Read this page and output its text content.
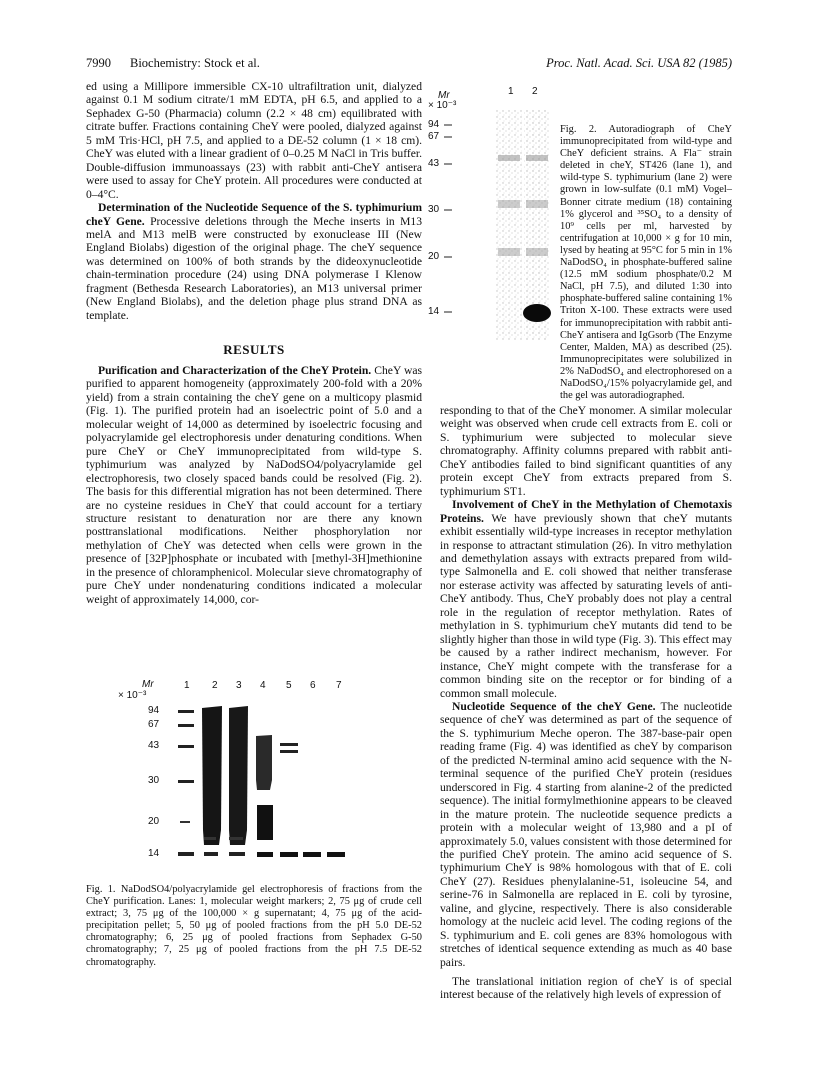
7990 Biochemistry: Stock et al.	Proc. Natl. Acad. Sci. USA 82 (1985)

ed using a Millipore immersible CX-10 ultrafiltration unit, dialyzed against 0.1 M sodium citrate/1 mM EDTA, pH 6.5, and applied to a Sephadex G-50 (Pharmacia) column (2.2 × 48 cm) equilibrated with citrate buffer. Fractions containing CheY were pooled, dialyzed against 5 mM Tris·HCl, pH 7.5, and applied to a DE-52 column (1 × 18 cm). CheY was eluted with a linear gradient of 0–0.25 M NaCl in Tris buffer. Double-diffusion immunoassays (23) with rabbit anti-CheY antisera were used to assay for CheY protein. All procedures were conducted at 0–4°C.

Determination of the Nucleotide Sequence of the S. typhimurium cheY Gene. Processive deletions through the Meche inserts in M13 melA and M13 melB were constructed by exonuclease III (New England Biolabs) digestion of the original phage. The cheY sequence was determined on 100% of both strands by the dideoxynucleotide chain-termination procedure (24) using DNA polymerase I Klenow fragment (Bethesda Research Laboratories), an M13 universal primer (New England Biolabs), and the deletion phage plus strand DNA as template.

RESULTS

Purification and Characterization of the CheY Protein. CheY was purified to apparent homogeneity (approximately 200-fold with a 20% yield) from a strain containing the cheY gene on a multicopy plasmid (Fig. 1). The purified protein had an isoelectric point of 5.0 and a molecular weight of 14,000 as determined by isoelectric focusing and polyacrylamide gel electrophoresis under denaturing conditions. When pure CheY or CheY immunoprecipitated from wild-type S. typhimurium was analyzed by NaDodSO4/polyacrylamide gel electrophoresis, two closely spaced bands could be resolved (Fig. 2). The basis for this differential migration has not been determined. There are no cysteine residues in CheY that could account for a tertiary structure resistant to denaturation nor are there any known posttranslational modifications. Neither phosphorylation nor methylation of CheY was detected when cells were grown in the presence of [32P]phosphate or incubated with [methyl-3H]methionine in the presence of chloramphenicol. Molecular sieve chromatography of pure CheY under nondenaturing conditions indicated a molecular weight of approximately 14,000, cor-

Mr
× 10⁻³
1 2 3 4 5 6 7
94
67
43
30
20
14
Fig. 1. NaDodSO4/polyacrylamide gel electrophoresis of fractions from the CheY purification. Lanes: 1, molecular weight markers; 2, 75 μg of crude cell extract; 3, 75 μg of the 100,000 × g supernatant; 4, 75 μg of the acid-precipitation pellet; 5, 50 μg of pooled fractions from the pH 5.0 DE-52 chromatography; 6, 25 μg of pooled fractions from Sephadex G-50 chromatography; 7, 25 μg of pooled fractions from the pH 7.5 DE-52 chromatography.
Mr
× 10⁻³
1 2
94
67
43
30
20
14
Fig. 2. Autoradiograph of CheY immunoprecipitated from wild-type and CheY deficient strains. A Fla⁻ strain deleted in cheY, ST426 (lane 1), and wild-type S. typhimurium (lane 2) were grown in low-sulfate (0.1 mM) Vogel–Bonner citrate medium (18) containing 1% glycerol and ³⁵SO₄ to a density of 10⁹ cells per ml, harvested by centrifugation at 10,000 × g for 10 min, lysed by heating at 95°C for 5 min in 1% NaDodSO₄ in phosphate-buffered saline (12.5 mM sodium phosphate/0.2 M NaCl, pH 7.5), and diluted 1:30 into phosphate-buffered saline containing 1% Triton X-100. These extracts were used for immunoprecipitation with rabbit anti-CheY antisera and IgGsorb (The Enzyme Center, Malden, MA) as described (25). Immunoprecipitates were solubilized in 2% NaDodSO₄ and electrophoresed on a NaDodSO₄/15% polyacrylamide gel, and the gel was autoradiographed.

responding to that of the CheY monomer. A similar molecular weight was observed when crude cell extracts from E. coli or S. typhimurium were subjected to molecular sieve chromatography. Affinity columns prepared with rabbit anti-CheY antibodies failed to bind significant quantities of any protein except CheY from extracts prepared from S. typhimurium ST1.

Involvement of CheY in the Methylation of Chemotaxis Proteins. We have previously shown that cheY mutants exhibit essentially wild-type increases in receptor methylation in response to attractant stimulation (26). In vitro methylation and demethylation assays with extracts prepared from wild-type Salmonella and E. coli showed that neither transferase nor esterase activity was affected by saturating levels of anti-CheY antibody. Thus, CheY probably does not play a central role in the regulation of receptor methylation. Rates of methylation in S. typhimurium cheY mutants did tend to be slightly higher than those in wild type (Fig. 3). This effect may be caused by a rather indirect mechanism, however. For instance, CheY might compete with the transferase for a common binding site on the receptor or for binding of a common small molecule.

Nucleotide Sequence of the cheY Gene. The nucleotide sequence of cheY was determined as part of the sequence of the S. typhimurium Meche operon. The 387-base-pair open reading frame (Fig. 4) was identified as cheY by comparison of the predicted N-terminal amino acid sequence with the N-terminal sequence of the purified CheY protein (residues underscored in Fig. 4 starting from alanine-2 of the predicted sequence). The initial formylmethionine appears to be cleaved in the mature protein. The nucleotide sequence predicts a protein with a molecular weight of 13,980 and a pI of approximately 5.0, values consistent with those determined for the purified CheY protein. The amino acid sequence of S. typhimurium CheY is 98% homologous with that of E. coli CheY (27). Residues phenylalanine-51, isoleucine 54, and serine-76 in Salmonella are replaced in E. coli by tyrosine, valine, and glycine, respectively. There is also considerable homology at the nucleic acid level. The coding regions of the S. typhimurium and E. coli genes are 83% homologous with stretches of identical sequence extending as much as 40 base pairs.

The translational initiation region of cheY is of special interest because of the relatively high levels of expression of
